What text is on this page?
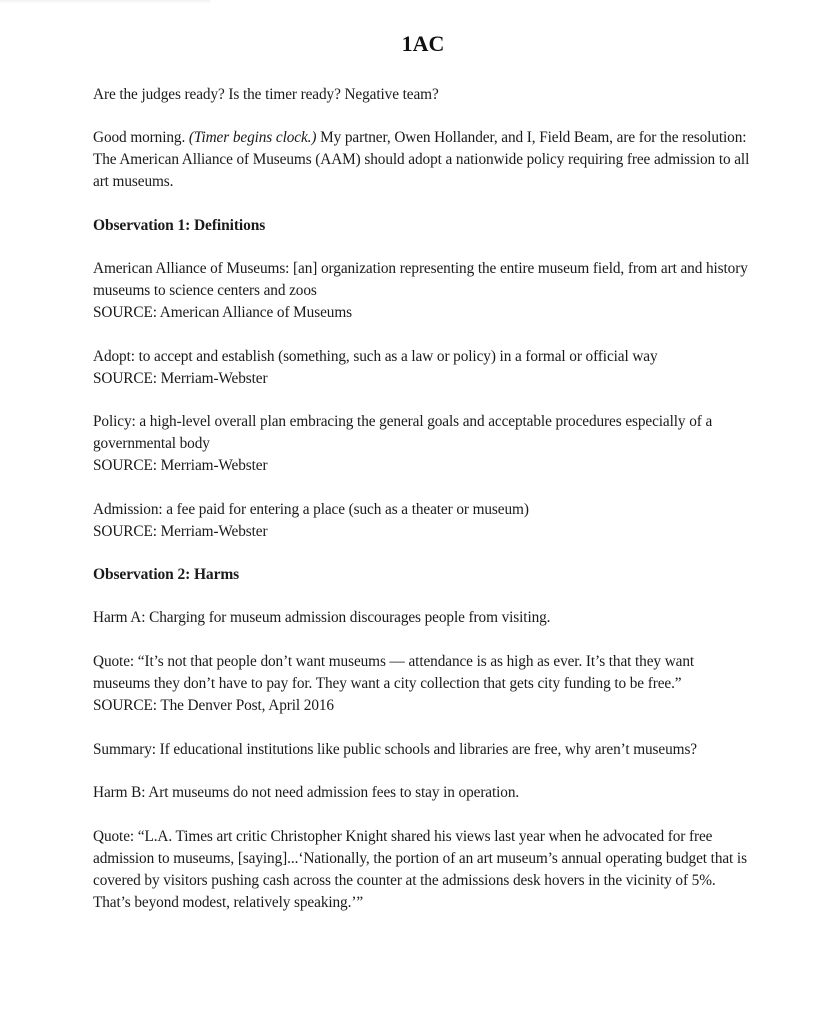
1AC

Are the judges ready? Is the timer ready? Negative team?

Good morning. (Timer begins clock.) My partner, Owen Hollander, and I, Field Beam, are for the resolution: The American Alliance of Museums (AAM) should adopt a nationwide policy requiring free admission to all art museums.

Observation 1: Definitions

American Alliance of Museums: [an] organization representing the entire museum field, from art and history museums to science centers and zoos

SOURCE: American Alliance of Museums

Adopt: to accept and establish (something, such as a law or policy) in a formal or official way

SOURCE: Merriam-Webster

Policy: a high-level overall plan embracing the general goals and acceptable procedures especially of a governmental body

SOURCE: Merriam-Webster

Admission: a fee paid for entering a place (such as a theater or museum)

SOURCE: Merriam-Webster

Observation 2: Harms

Harm A: Charging for museum admission discourages people from visiting.

Quote: “It’s not that people don’t want museums — attendance is as high as ever. It’s that they want museums they don’t have to pay for. They want a city collection that gets city funding to be free.”

SOURCE: The Denver Post, April 2016

Summary: If educational institutions like public schools and libraries are free, why aren’t museums?

Harm B: Art museums do not need admission fees to stay in operation.

Quote: “L.A. Times art critic Christopher Knight shared his views last year when he advocated for free admission to museums, [saying]...‘Nationally, the portion of an art museum’s annual operating budget that is covered by visitors pushing cash across the counter at the admissions desk hovers in the vicinity of 5%. That’s beyond modest, relatively speaking.’”
